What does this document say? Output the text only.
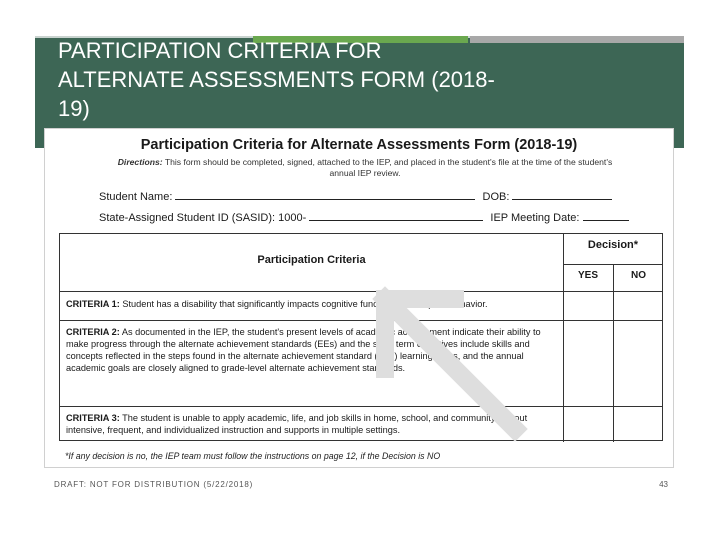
PARTICIPATION CRITERIA FOR ALTERNATE ASSESSMENTS FORM (2018-19)
Participation Criteria for Alternate Assessments Form (2018-19)
Directions: This form should be completed, signed, attached to the IEP, and placed in the student's file at the time of the student's annual IEP review.
Student Name:	DOB:
State-Assigned Student ID (SASID): 1000-	IEP Meeting Date:
Participation Criteria
Decision*
YES	NO
CRITERIA 1: Student has a disability that significantly impacts cognitive function and adaptive behavior.
CRITERIA 2: As documented in the IEP, the student's present levels of academic achievement indicate their ability to make progress through the alternate achievement standards (EEs) and the short term objectives include skills and concepts reflected in the steps found in the alternate achievement standard (EEs) learning maps, and the annual academic goals are closely aligned to grade-level alternate achievement standards.
CRITERIA 3: The student is unable to apply academic, life, and job skills in home, school, and community without intensive, frequent, and individualized instruction and supports in multiple settings.
*If any decision is no, the IEP team must follow the instructions on page 12, if the Decision is NO
DRAFT: NOT FOR DISTRIBUTION (5/22/2018)	43
